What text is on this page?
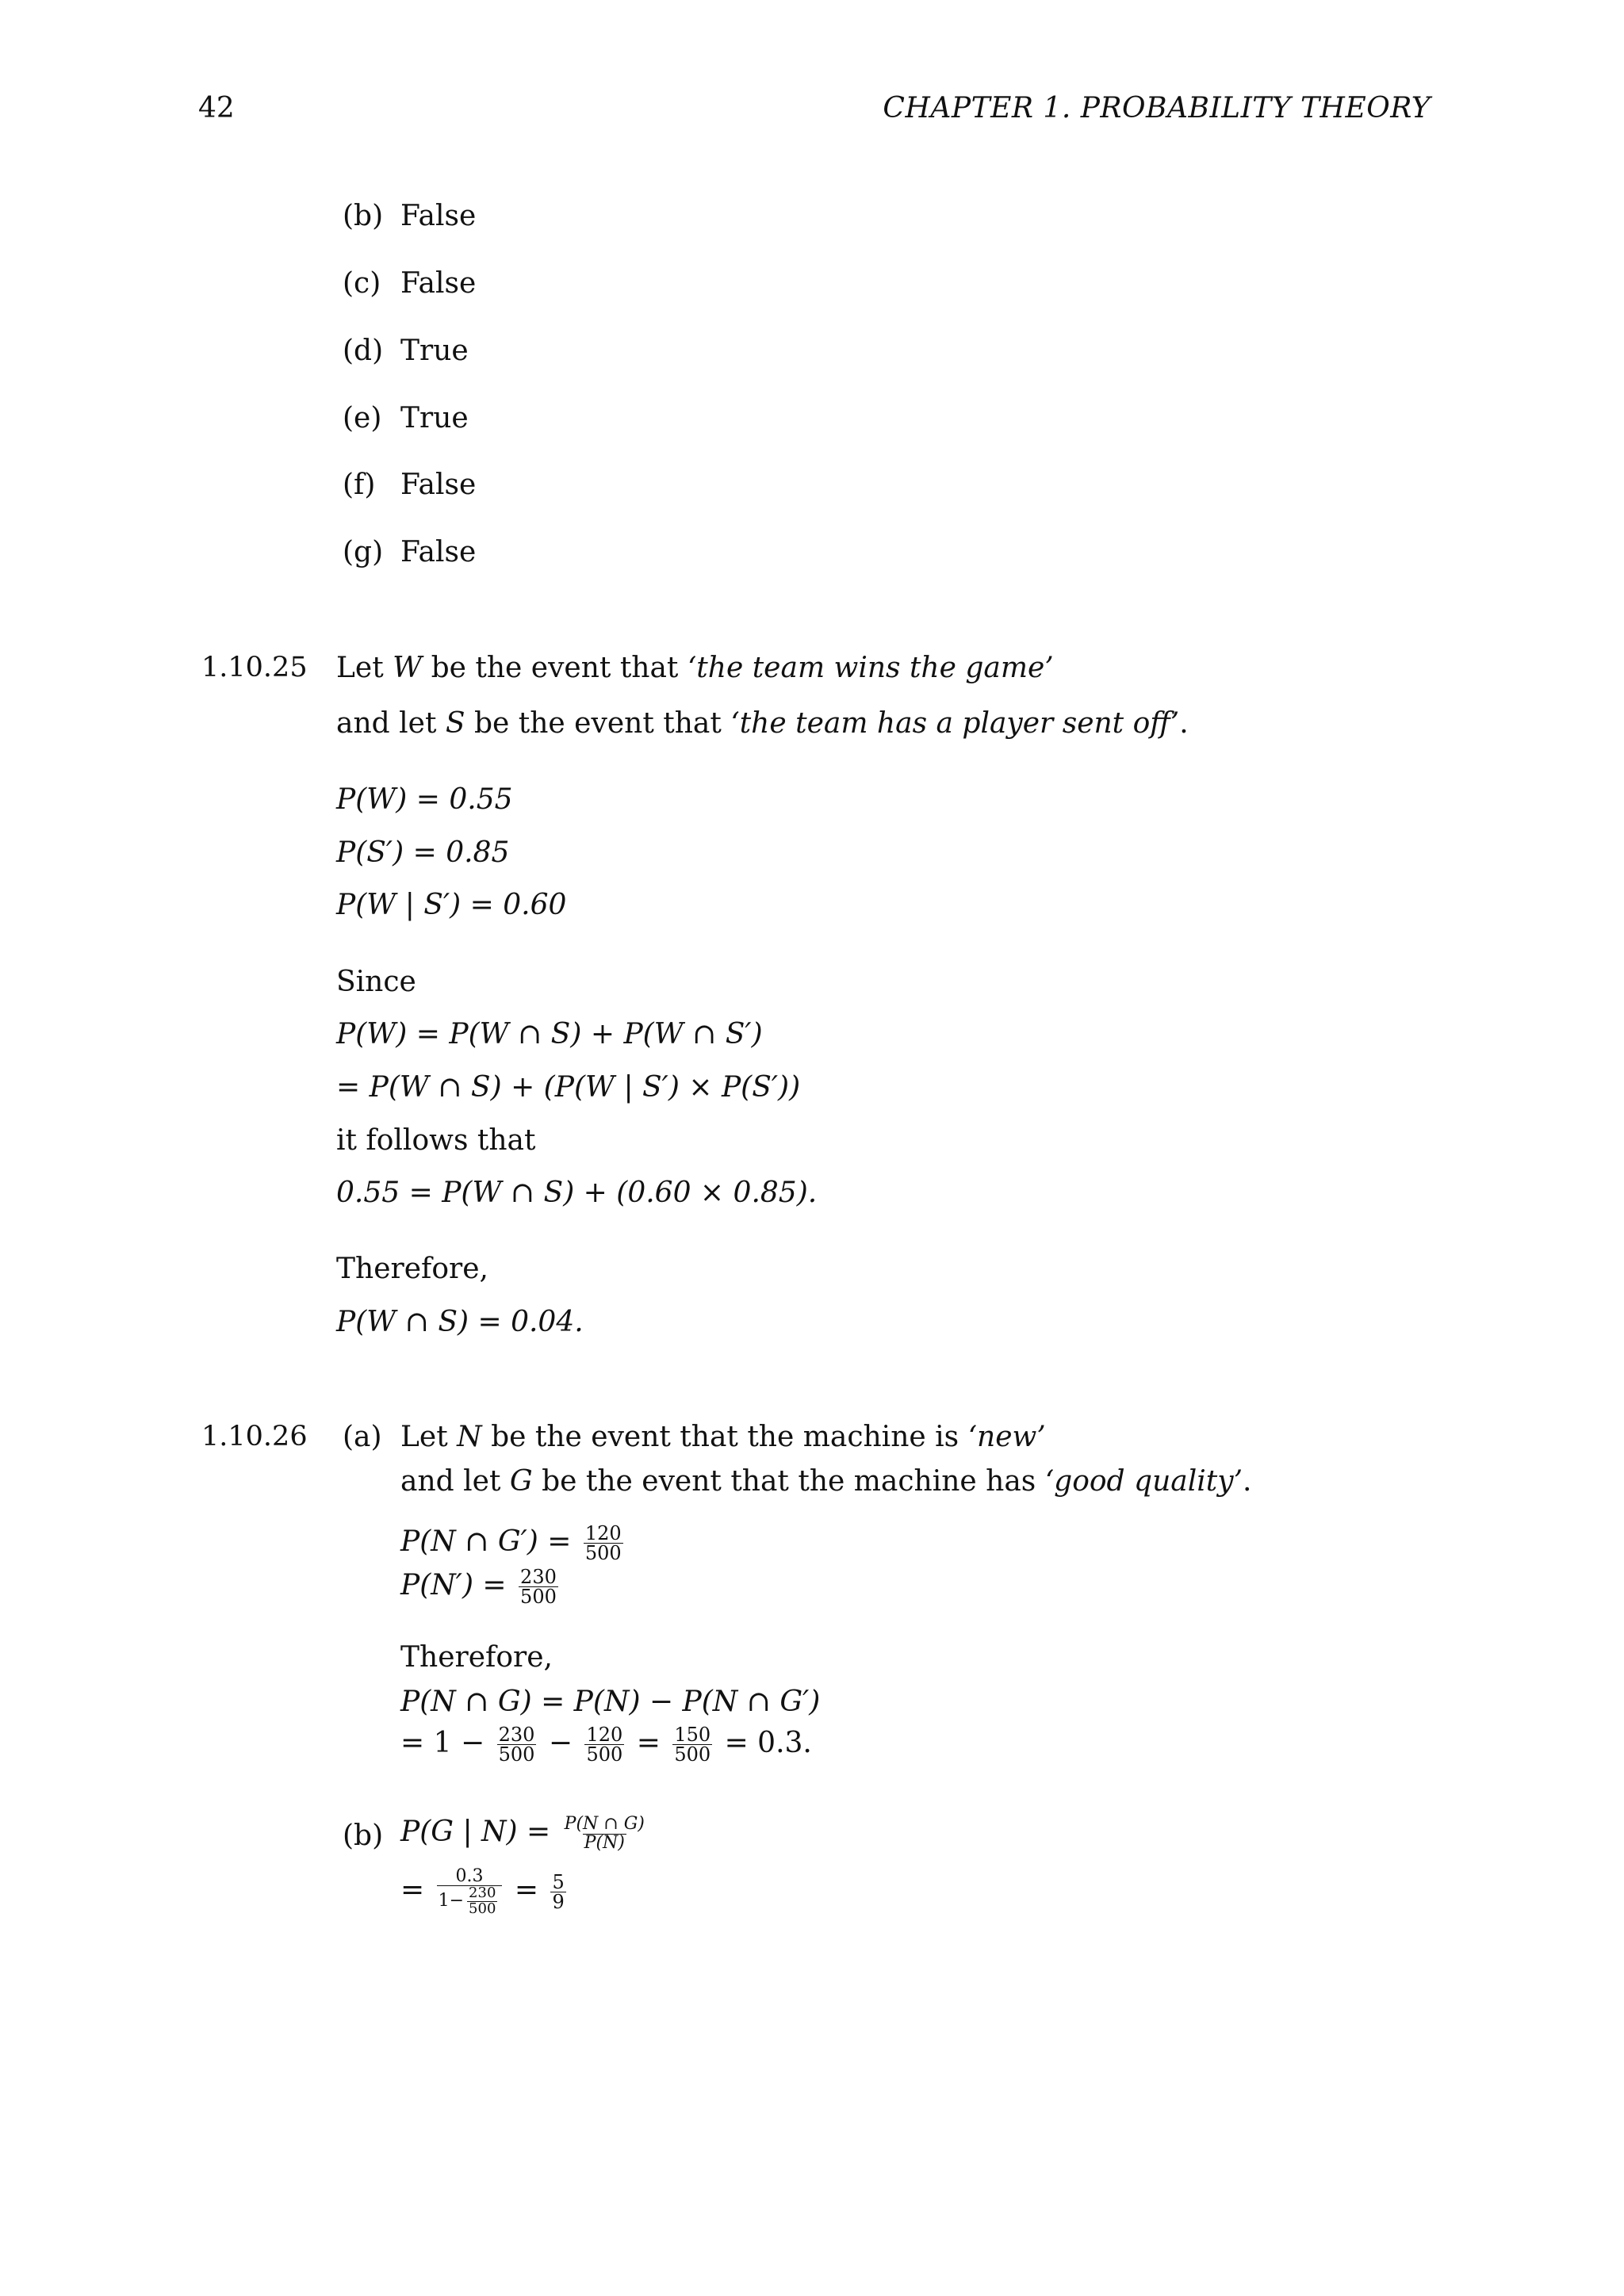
42	CHAPTER 1. PROBABILITY THEORY
(b) False
(c) False
(d) True
(e) True
(f) False
(g) False
1.10.25 Let W be the event that ‘the team wins the game’
and let S be the event that ‘the team has a player sent off’.
P(W) = 0.55
P(S′) = 0.85
P(W | S′) = 0.60
Since
P(W) = P(W ∩ S) + P(W ∩ S′)
= P(W ∩ S) + (P(W | S′) × P(S′))
it follows that
0.55 = P(W ∩ S) + (0.60 × 0.85).
Therefore,
P(W ∩ S) = 0.04.
1.10.26 (a) Let N be the event that the machine is ‘new’
and let G be the event that the machine has ‘good quality’.
P(N ∩ $G') = \frac{120}{500}$
$P(N') = \frac{230}{500}$
Therefore,
P(N ∩ G) = P(N) − P(N ∩ G′)
= $1 - \frac{230}{500} - \frac{120}{500} = \frac{150}{500} = 0.3$.
(b) P(G | $N) = \frac{P(N \cap G)}{P(N)}$
= $\frac{0.3}{1- \frac{230}{500}} = \frac{5}{9}$
